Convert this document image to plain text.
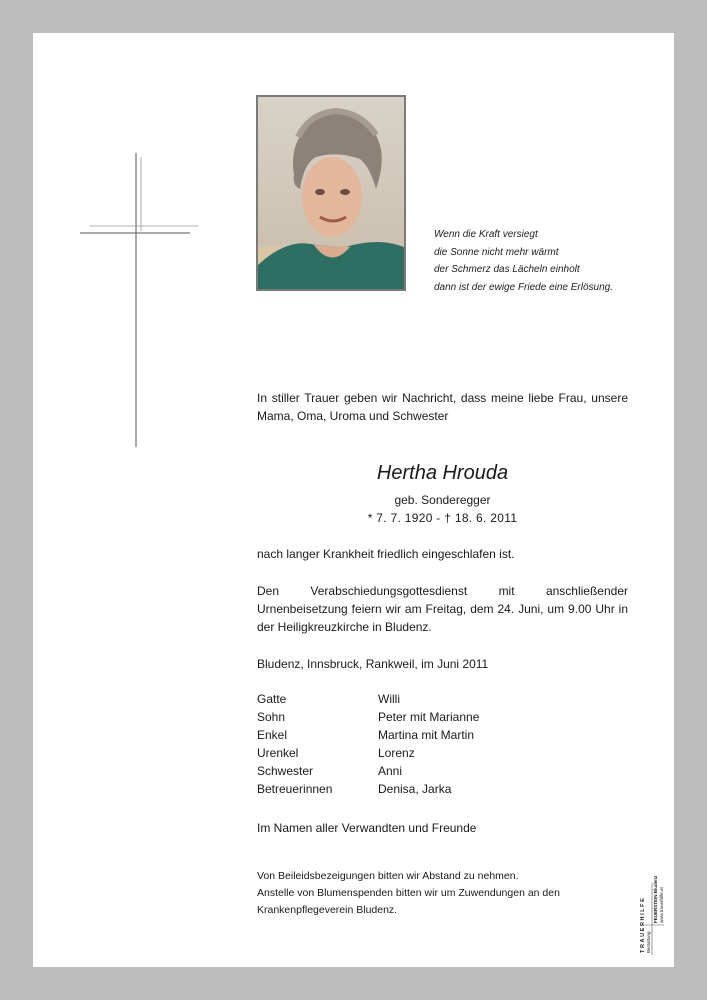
Wenn die Kraft versiegt
die Sonne nicht mehr wärmt
der Schmerz das Lächeln einholt
dann ist der ewige Friede eine Erlösung.
In stiller Trauer geben wir Nachricht, dass meine liebe Frau, unsere Mama, Oma, Uroma und Schwester
Hertha Hrouda
geb. Sonderegger
* 7. 7. 1920 - † 18. 6. 2011
nach langer Krankheit friedlich eingeschlafen ist.
Den Verabschiedungsgottesdienst mit anschließender Urnenbeisetzung feiern wir am Freitag, dem 24. Juni, um 9.00 Uhr in der Heiligkreuzkirche in Bludenz.
Bludenz, Innsbruck, Rankweil, im Juni 2011
Gatte	Willi
Sohn	Peter mit Marianne
Enkel	Martina mit Martin
Urenkel	Lorenz
Schwester	Anni
Betreuerinnen	Denisa, Jarka
Im Namen aller Verwandten und Freunde
Von Beileidsbezeigungen bitten wir Abstand zu nehmen.
Anstelle von Blumenspenden bitten wir um Zuwendungen an den
Krankenpflegeverein Bludenz.	TRAUERHILFE Bestattung
FEUERSTEIN Bludenz www.trauerhilfe.at
